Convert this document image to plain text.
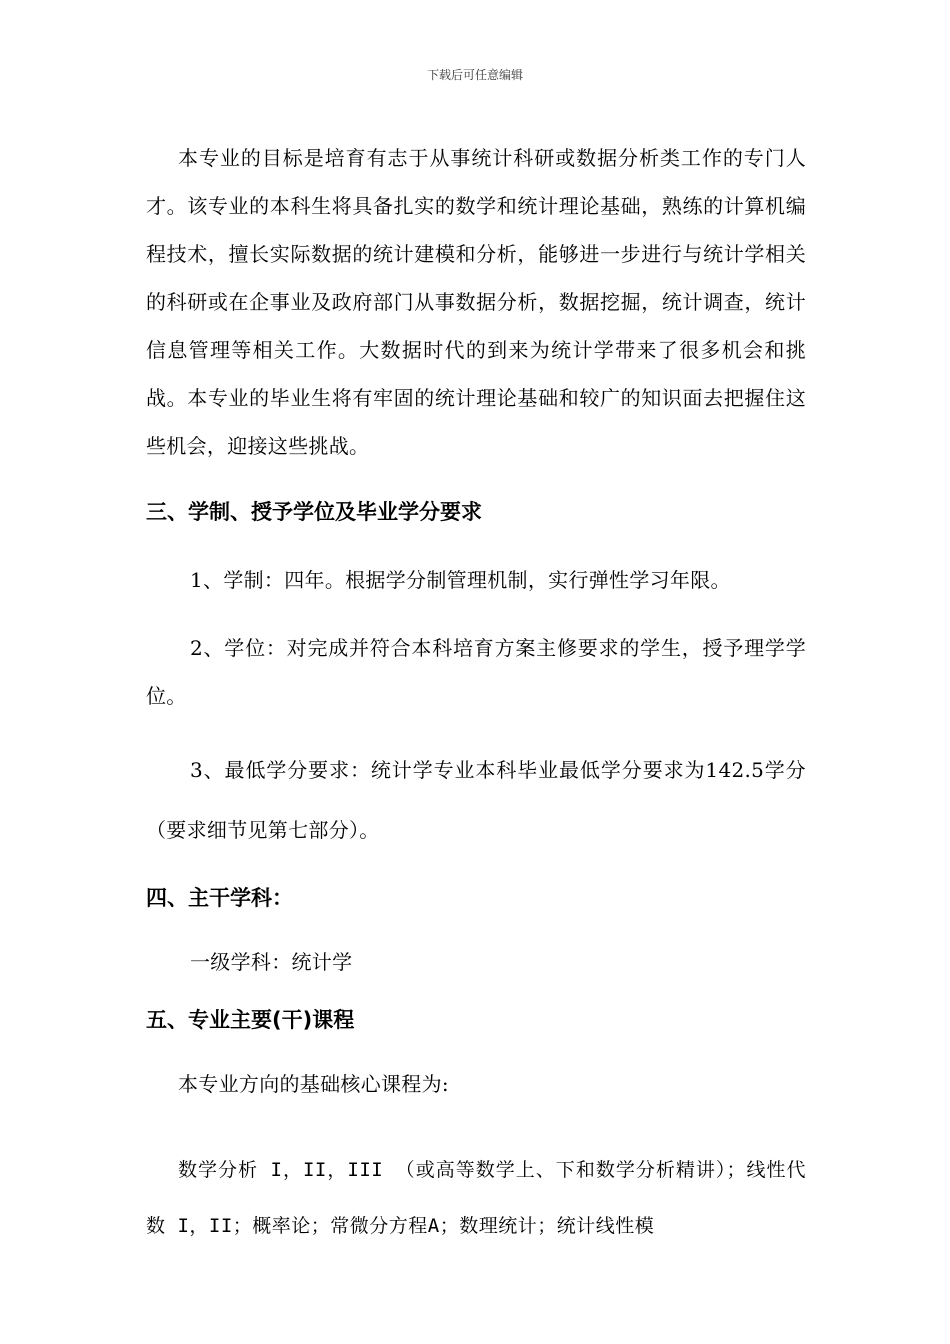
下载后可任意编辑

本专业的目标是培育有志于从事统计科研或数据分析类工作的专门人才。该专业的本科生将具备扎实的数学和统计理论基础，熟练的计算机编程技术，擅长实际数据的统计建模和分析，能够进一步进行与统计学相关的科研或在企事业及政府部门从事数据分析，数据挖掘，统计调查，统计信息管理等相关工作。大数据时代的到来为统计学带来了很多机会和挑战。本专业的毕业生将有牢固的统计理论基础和较广的知识面去把握住这些机会，迎接这些挑战。

三、学制、授予学位及毕业学分要求

1、学制：四年。根据学分制管理机制，实行弹性学习年限。

2、学位：对完成并符合本科培育方案主修要求的学生，授予理学学位。

3、最低学分要求：统计学专业本科毕业最低学分要求为142.5学分（要求细节见第七部分）。

四、主干学科：

一级学科：统计学

五、专业主要(干)课程

本专业方向的基础核心课程为:

数学分析 I，II，III （或高等数学上、下和数学分析精讲）；线性代数 I，II；概率论；常微分方程A；数理统计；统计线性模
